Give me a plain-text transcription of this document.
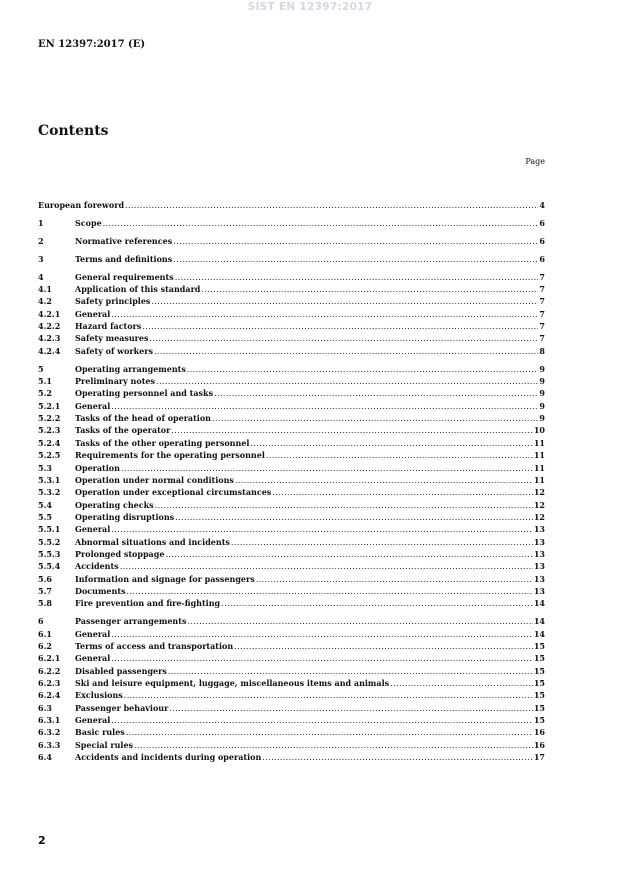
SIST EN 12397:2017
EN 12397:2017 (E)
Contents
Page
European foreword .....	4
1	Scope .....	6
2	Normative references .....	6
3	Terms and definitions .....	6
4	General requirements .....	7
4.1	Application of this standard .....	7
4.2	Safety principles .....	7
4.2.1	General .....	7
4.2.2	Hazard factors .....	7
4.2.3	Safety measures .....	7
4.2.4	Safety of workers .....	8
5	Operating arrangements .....	9
5.1	Preliminary notes .....	9
5.2	Operating personnel and tasks .....	9
5.2.1	General .....	9
5.2.2	Tasks of the head of operation .....	9
5.2.3	Tasks of the operator .....	10
5.2.4	Tasks of the other operating personnel .....	11
5.2.5	Requirements for the operating personnel .....	11
5.3	Operation .....	11
5.3.1	Operation under normal conditions .....	11
5.3.2	Operation under exceptional circumstances .....	12
5.4	Operating checks .....	12
5.5	Operating disruptions .....	12
5.5.1	General .....	13
5.5.2	Abnormal situations and incidents .....	13
5.5.3	Prolonged stoppage .....	13
5.5.4	Accidents .....	13
5.6	Information and signage for passengers .....	13
5.7	Documents .....	13
5.8	Fire prevention and fire-fighting .....	14
6	Passenger arrangements .....	14
6.1	General .....	14
6.2	Terms of access and transportation .....	15
6.2.1	General .....	15
6.2.2	Disabled passengers .....	15
6.2.3	Ski and leisure equipment, luggage, miscellaneous items and animals .....	15
6.2.4	Exclusions .....	15
6.3	Passenger behaviour .....	15
6.3.1	General .....	15
6.3.2	Basic rules .....	16
6.3.3	Special rules .....	16
6.4	Accidents and incidents during operation .....	17
2
